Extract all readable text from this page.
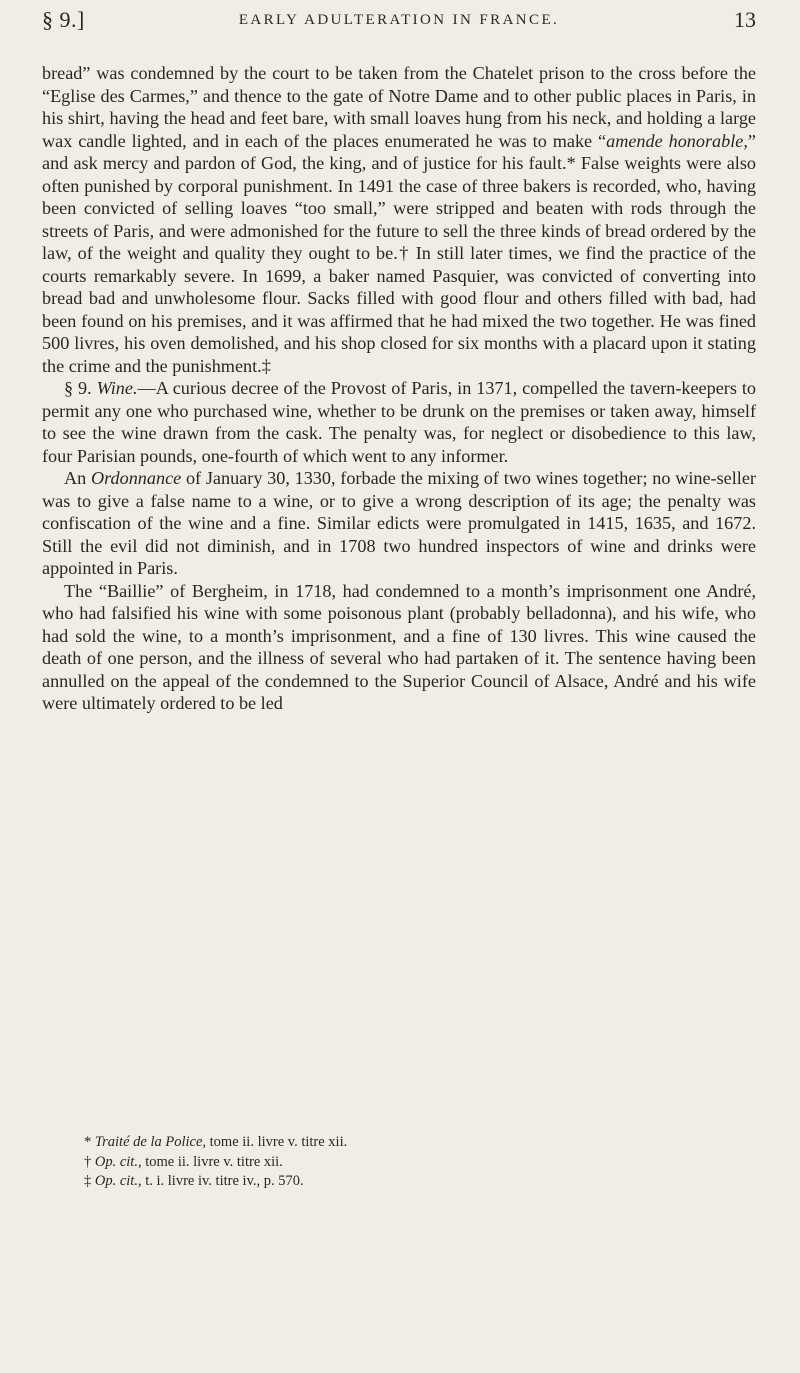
§ 9.]	EARLY ADULTERATION IN FRANCE.	13

bread” was condemned by the court to be taken from the Chatelet prison to the cross before the “Eglise des Carmes,” and thence to the gate of Notre Dame and to other public places in Paris, in his shirt, having the head and feet bare, with small loaves hung from his neck, and holding a large wax candle lighted, and in each of the places enumerated he was to make “amende honorable,” and ask mercy and pardon of God, the king, and of justice for his fault.* False weights were also often punished by corporal punishment. In 1491 the case of three bakers is recorded, who, having been convicted of selling loaves “too small,” were stripped and beaten with rods through the streets of Paris, and were admonished for the future to sell the three kinds of bread ordered by the law, of the weight and quality they ought to be.† In still later times, we find the practice of the courts remarkably severe. In 1699, a baker named Pasquier, was convicted of converting into bread bad and unwholesome flour. Sacks filled with good flour and others filled with bad, had been found on his premises, and it was affirmed that he had mixed the two together. He was fined 500 livres, his oven demolished, and his shop closed for six months with a placard upon it stating the crime and the punishment.‡

§ 9. Wine.—A curious decree of the Provost of Paris, in 1371, compelled the tavern-keepers to permit any one who purchased wine, whether to be drunk on the premises or taken away, himself to see the wine drawn from the cask. The penalty was, for neglect or disobedience to this law, four Parisian pounds, one-fourth of which went to any informer.

An Ordonnance of January 30, 1330, forbade the mixing of two wines together; no wine-seller was to give a false name to a wine, or to give a wrong description of its age; the penalty was confiscation of the wine and a fine. Similar edicts were promulgated in 1415, 1635, and 1672. Still the evil did not diminish, and in 1708 two hundred inspectors of wine and drinks were appointed in Paris.

The “Baillie” of Bergheim, in 1718, had condemned to a month’s imprisonment one André, who had falsified his wine with some poisonous plant (probably belladonna), and his wife, who had sold the wine, to a month’s imprisonment, and a fine of 130 livres. This wine caused the death of one person, and the illness of several who had partaken of it. The sentence having been annulled on the appeal of the condemned to the Superior Council of Alsace, André and his wife were ultimately ordered to be led

* Traité de la Police, tome ii. livre v. titre xii.
† Op. cit., tome ii. livre v. titre xii.
‡ Op. cit., t. i. livre iv. titre iv., p. 570.
